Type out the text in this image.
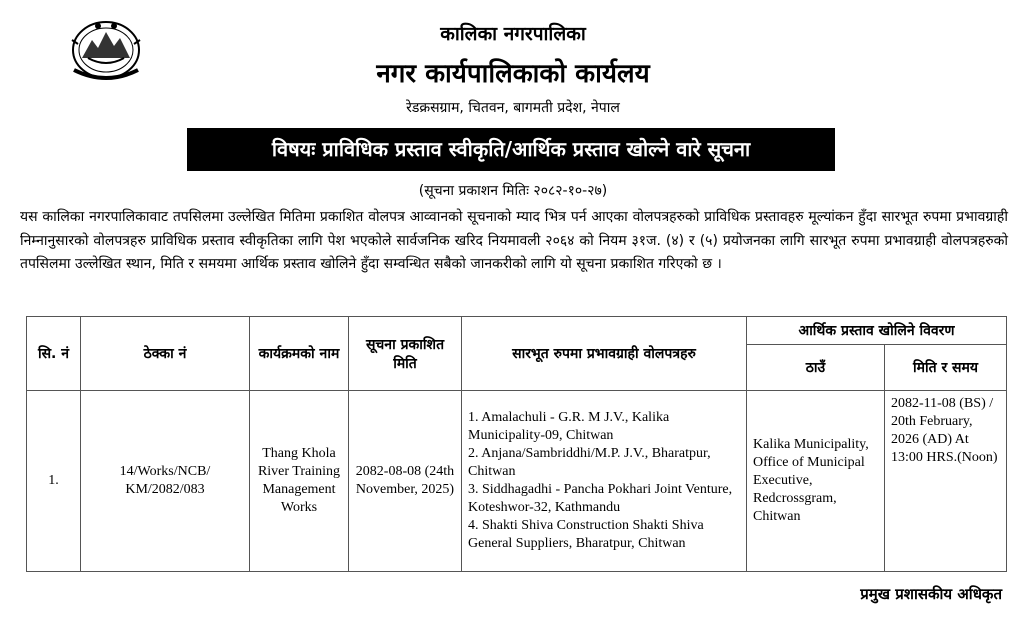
कालिका नगरपालिका
नगर कार्यपालिकाको कार्यलय
रेडक्रसग्राम, चितवन, बागमती प्रदेश, नेपाल
विषयः प्राविधिक प्रस्ताव स्वीकृति/आर्थिक प्रस्ताव खोल्ने वारे सूचना
(सूचना प्रकाशन मितिः २०८२-१०-२७)
यस कालिका नगरपालिकावाट तपसिलमा उल्लेखित मितिमा प्रकाशित वोलपत्र आव्वानको सूचनाको म्याद भित्र पर्न आएका वोलपत्रहरुको प्राविधिक प्रस्तावहरु मूल्यांकन हुँदा सारभूत रुपमा प्रभावग्राही निम्नानुसारको वोलपत्रहरु प्राविधिक प्रस्ताव स्वीकृतिका लागि पेश भएकोले सार्वजनिक खरिद नियमावली २०६४ को नियम ३१ज. (४) र (५) प्रयोजनका लागि सारभूत रुपमा प्रभावग्राही वोलपत्रहरुको तपसिलमा उल्लेखित स्थान, मिति र समयमा आर्थिक प्रस्ताव खोलिने हुँदा सम्वन्धित सबैको जानकरीको लागि यो सूचना प्रकाशित गरिएको छ ।
सि. नं	ठेक्का नं	कार्यक्रमको नाम	सूचना प्रकाशित मिति	सारभूत रुपमा प्रभावग्राही वोलपत्रहरु	आर्थिक प्रस्ताव खोलिने विवरण	
					ठाउँ	मिति र समय
1.	14/Works/NCB/ KM/2082/083	Thang Khola River Training Management Works	2082-08-08 (24th November, 2025)	1. Amalachuli - G.R. M J.V., Kalika Municipality-09, Chitwan
2. Anjana/Sambriddhi/M.P. J.V., Bharatpur, Chitwan
3. Siddhagadhi - Pancha Pokhari Joint Venture, Koteshwor-32, Kathmandu
4. Shakti Shiva Construction Shakti Shiva General Suppliers, Bharatpur, Chitwan	Kalika Municipality, Office of Municipal Executive, Redcrossgram, Chitwan	2082-11-08 (BS) / 20th February, 2026 (AD) At 13:00 HRS.(Noon)
प्रमुख प्रशासकीय अधिकृत
